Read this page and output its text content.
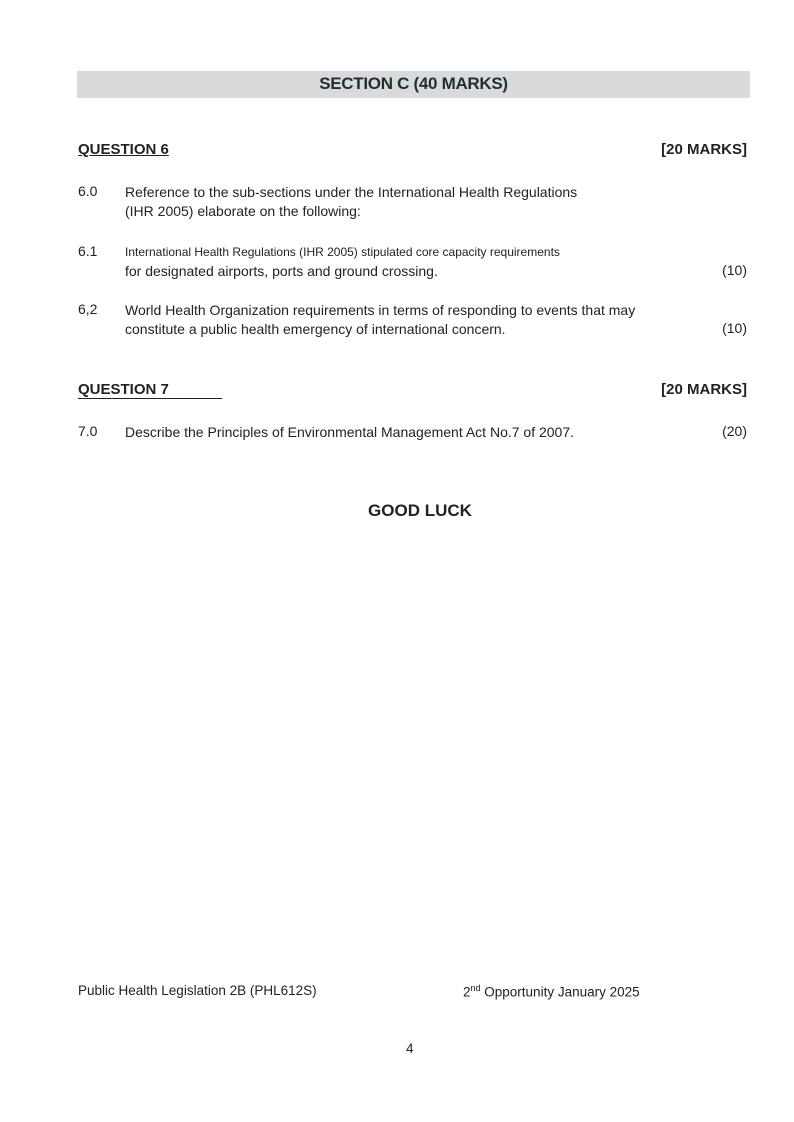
SECTION C (40 MARKS)
QUESTION 6	[20 MARKS]
6.0 Reference to the sub-sections under the International Health Regulations
(IHR 2005) elaborate on the following:
6.1 International Health Regulations (IHR 2005) stipulated core capacity requirements
for designated airports, ports and ground crossing.	(10)
6,2 World Health Organization requirements in terms of responding to events that may
constitute a public health emergency of international concern.	(10)
QUESTION 7	[20 MARKS]
7.0 Describe the Principles of Environmental Management Act No.7 of 2007.	(20)
GOOD LUCK
Public Health Legislation 2B (PHL612S)	2nd Opportunity January 2025
4
